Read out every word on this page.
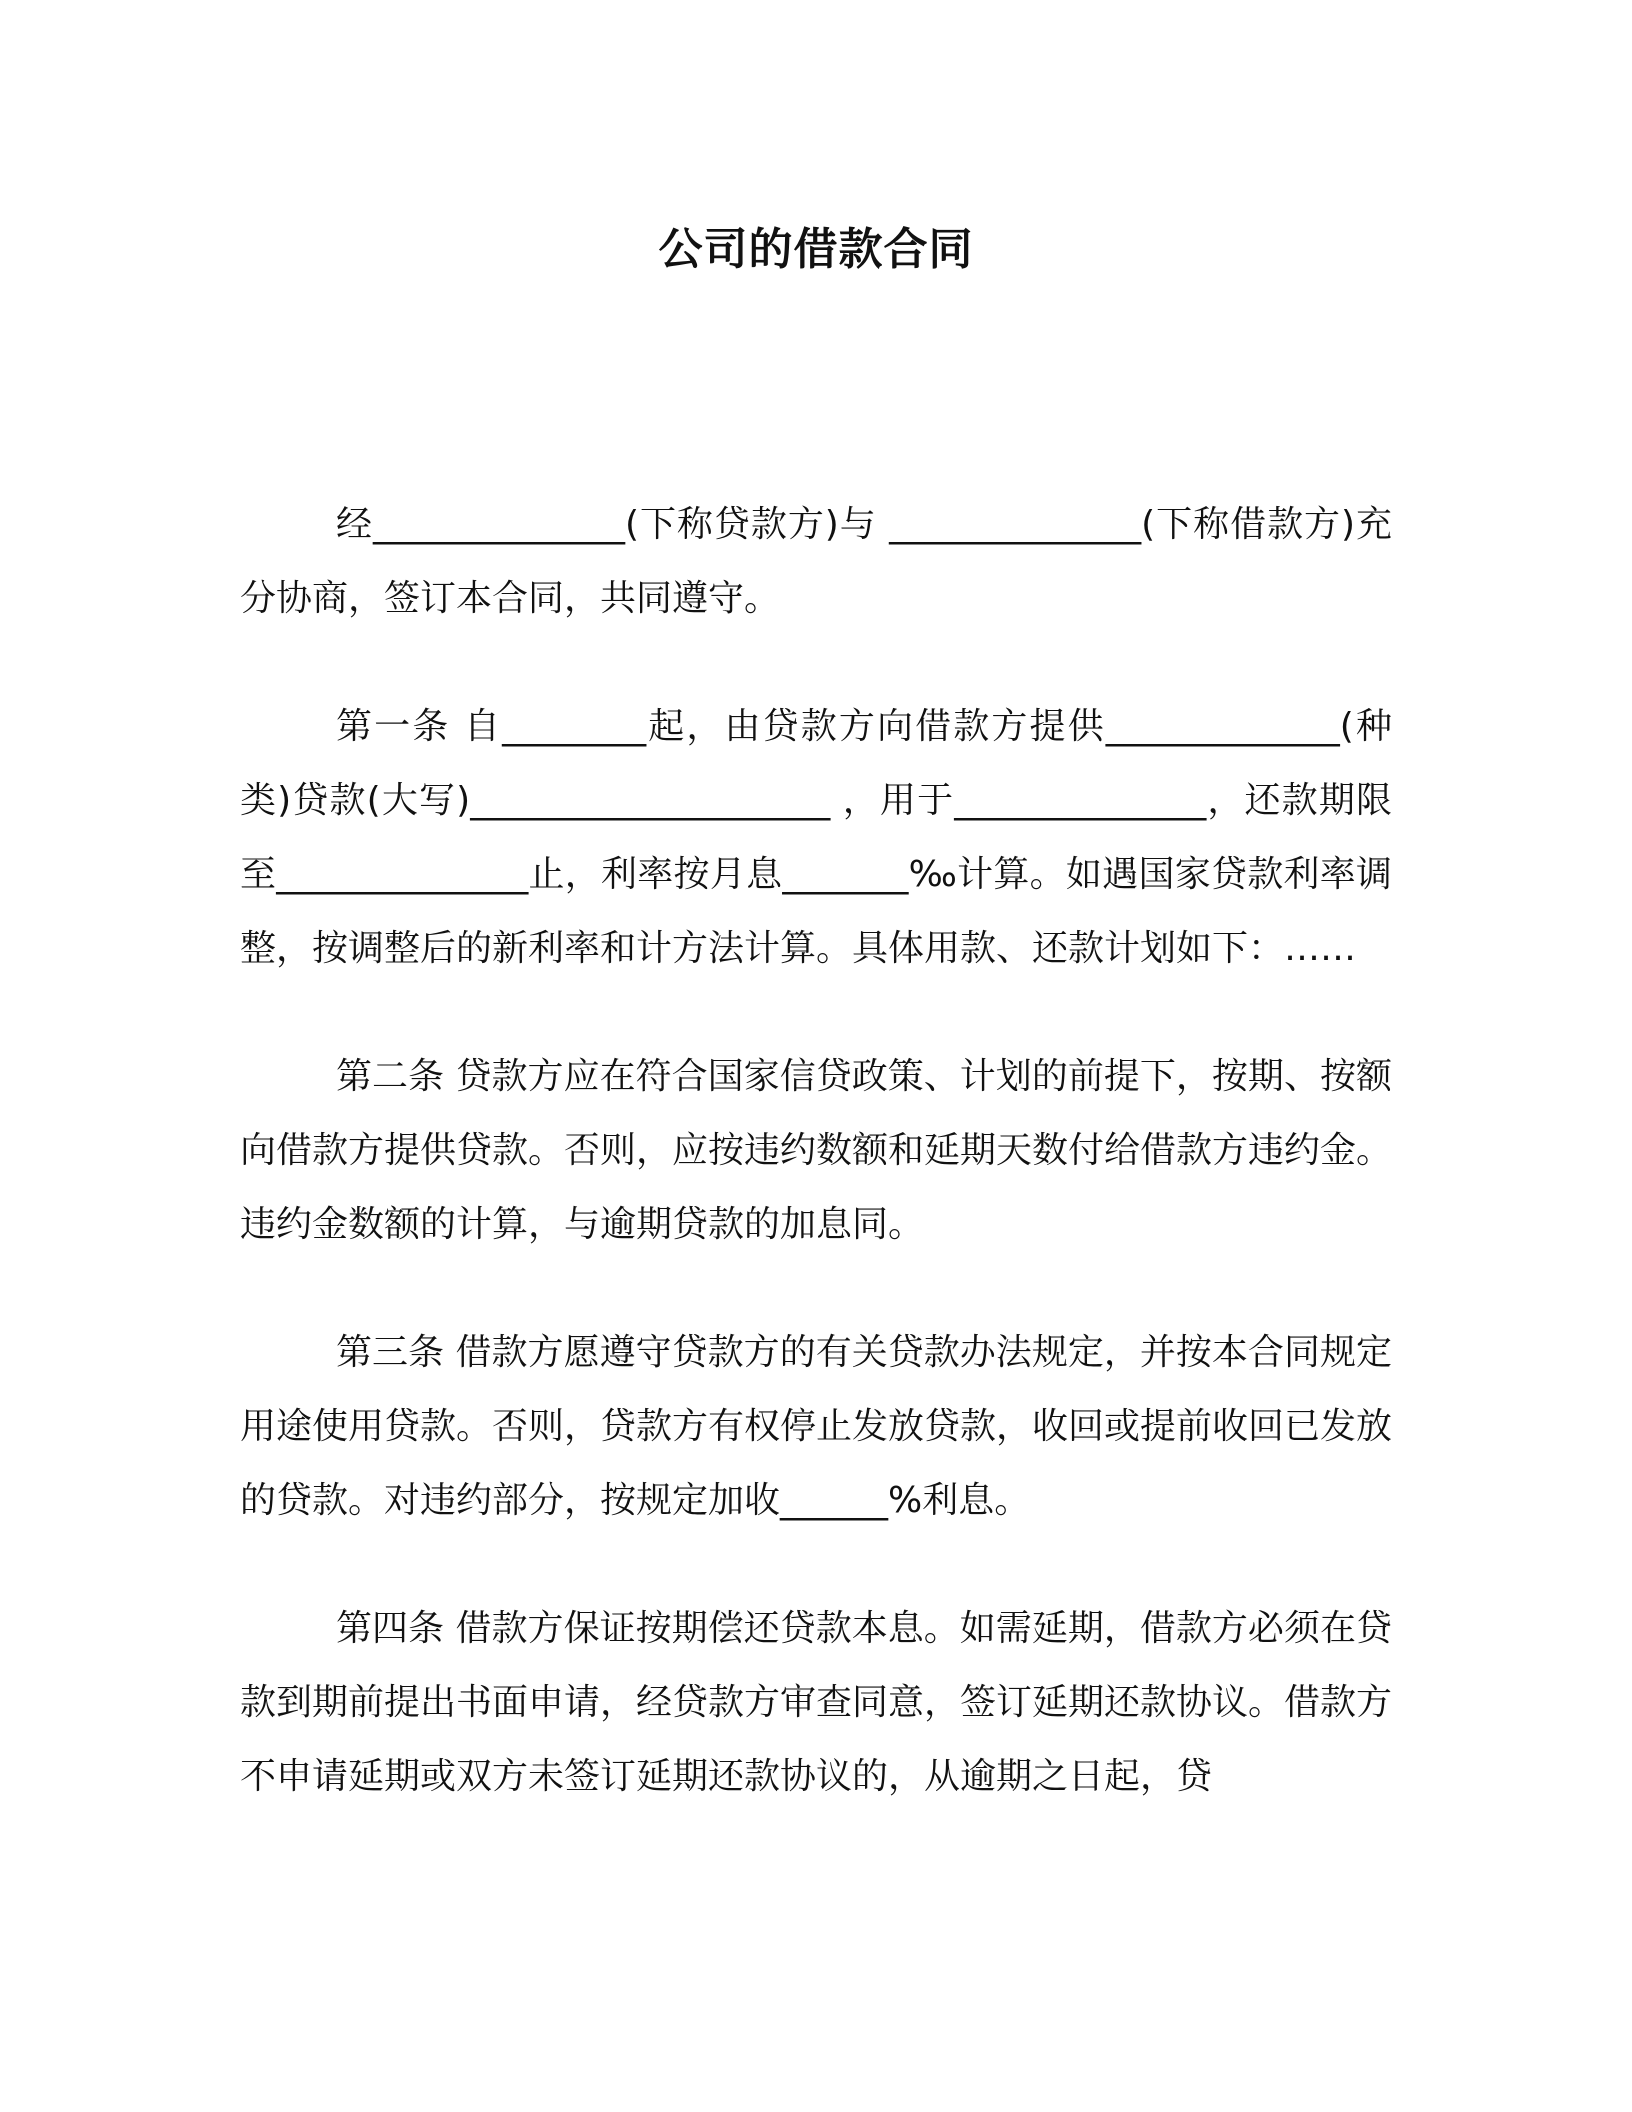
公司的借款合同

经______________(下称贷款方)与 ______________(下称借款方)充分协商，签订本合同，共同遵守。

第一条 自________起，由贷款方向借款方提供_____________(种类)贷款(大写)____________________ ，用于______________，还款期限至______________止，利率按月息_______‰计算。如遇国家贷款利率调整，按调整后的新利率和计方法计算。具体用款、还款计划如下：……

第二条 贷款方应在符合国家信贷政策、计划的前提下，按期、按额向借款方提供贷款。否则，应按违约数额和延期天数付给借款方违约金。违约金数额的计算，与逾期贷款的加息同。

第三条 借款方愿遵守贷款方的有关贷款办法规定，并按本合同规定用途使用贷款。否则，贷款方有权停止发放贷款，收回或提前收回已发放的贷款。对违约部分，按规定加收______%利息。

第四条 借款方保证按期偿还贷款本息。如需延期，借款方必须在贷款到期前提出书面申请，经贷款方审查同意，签订延期还款协议。借款方不申请延期或双方未签订延期还款协议的，从逾期之日起，贷
